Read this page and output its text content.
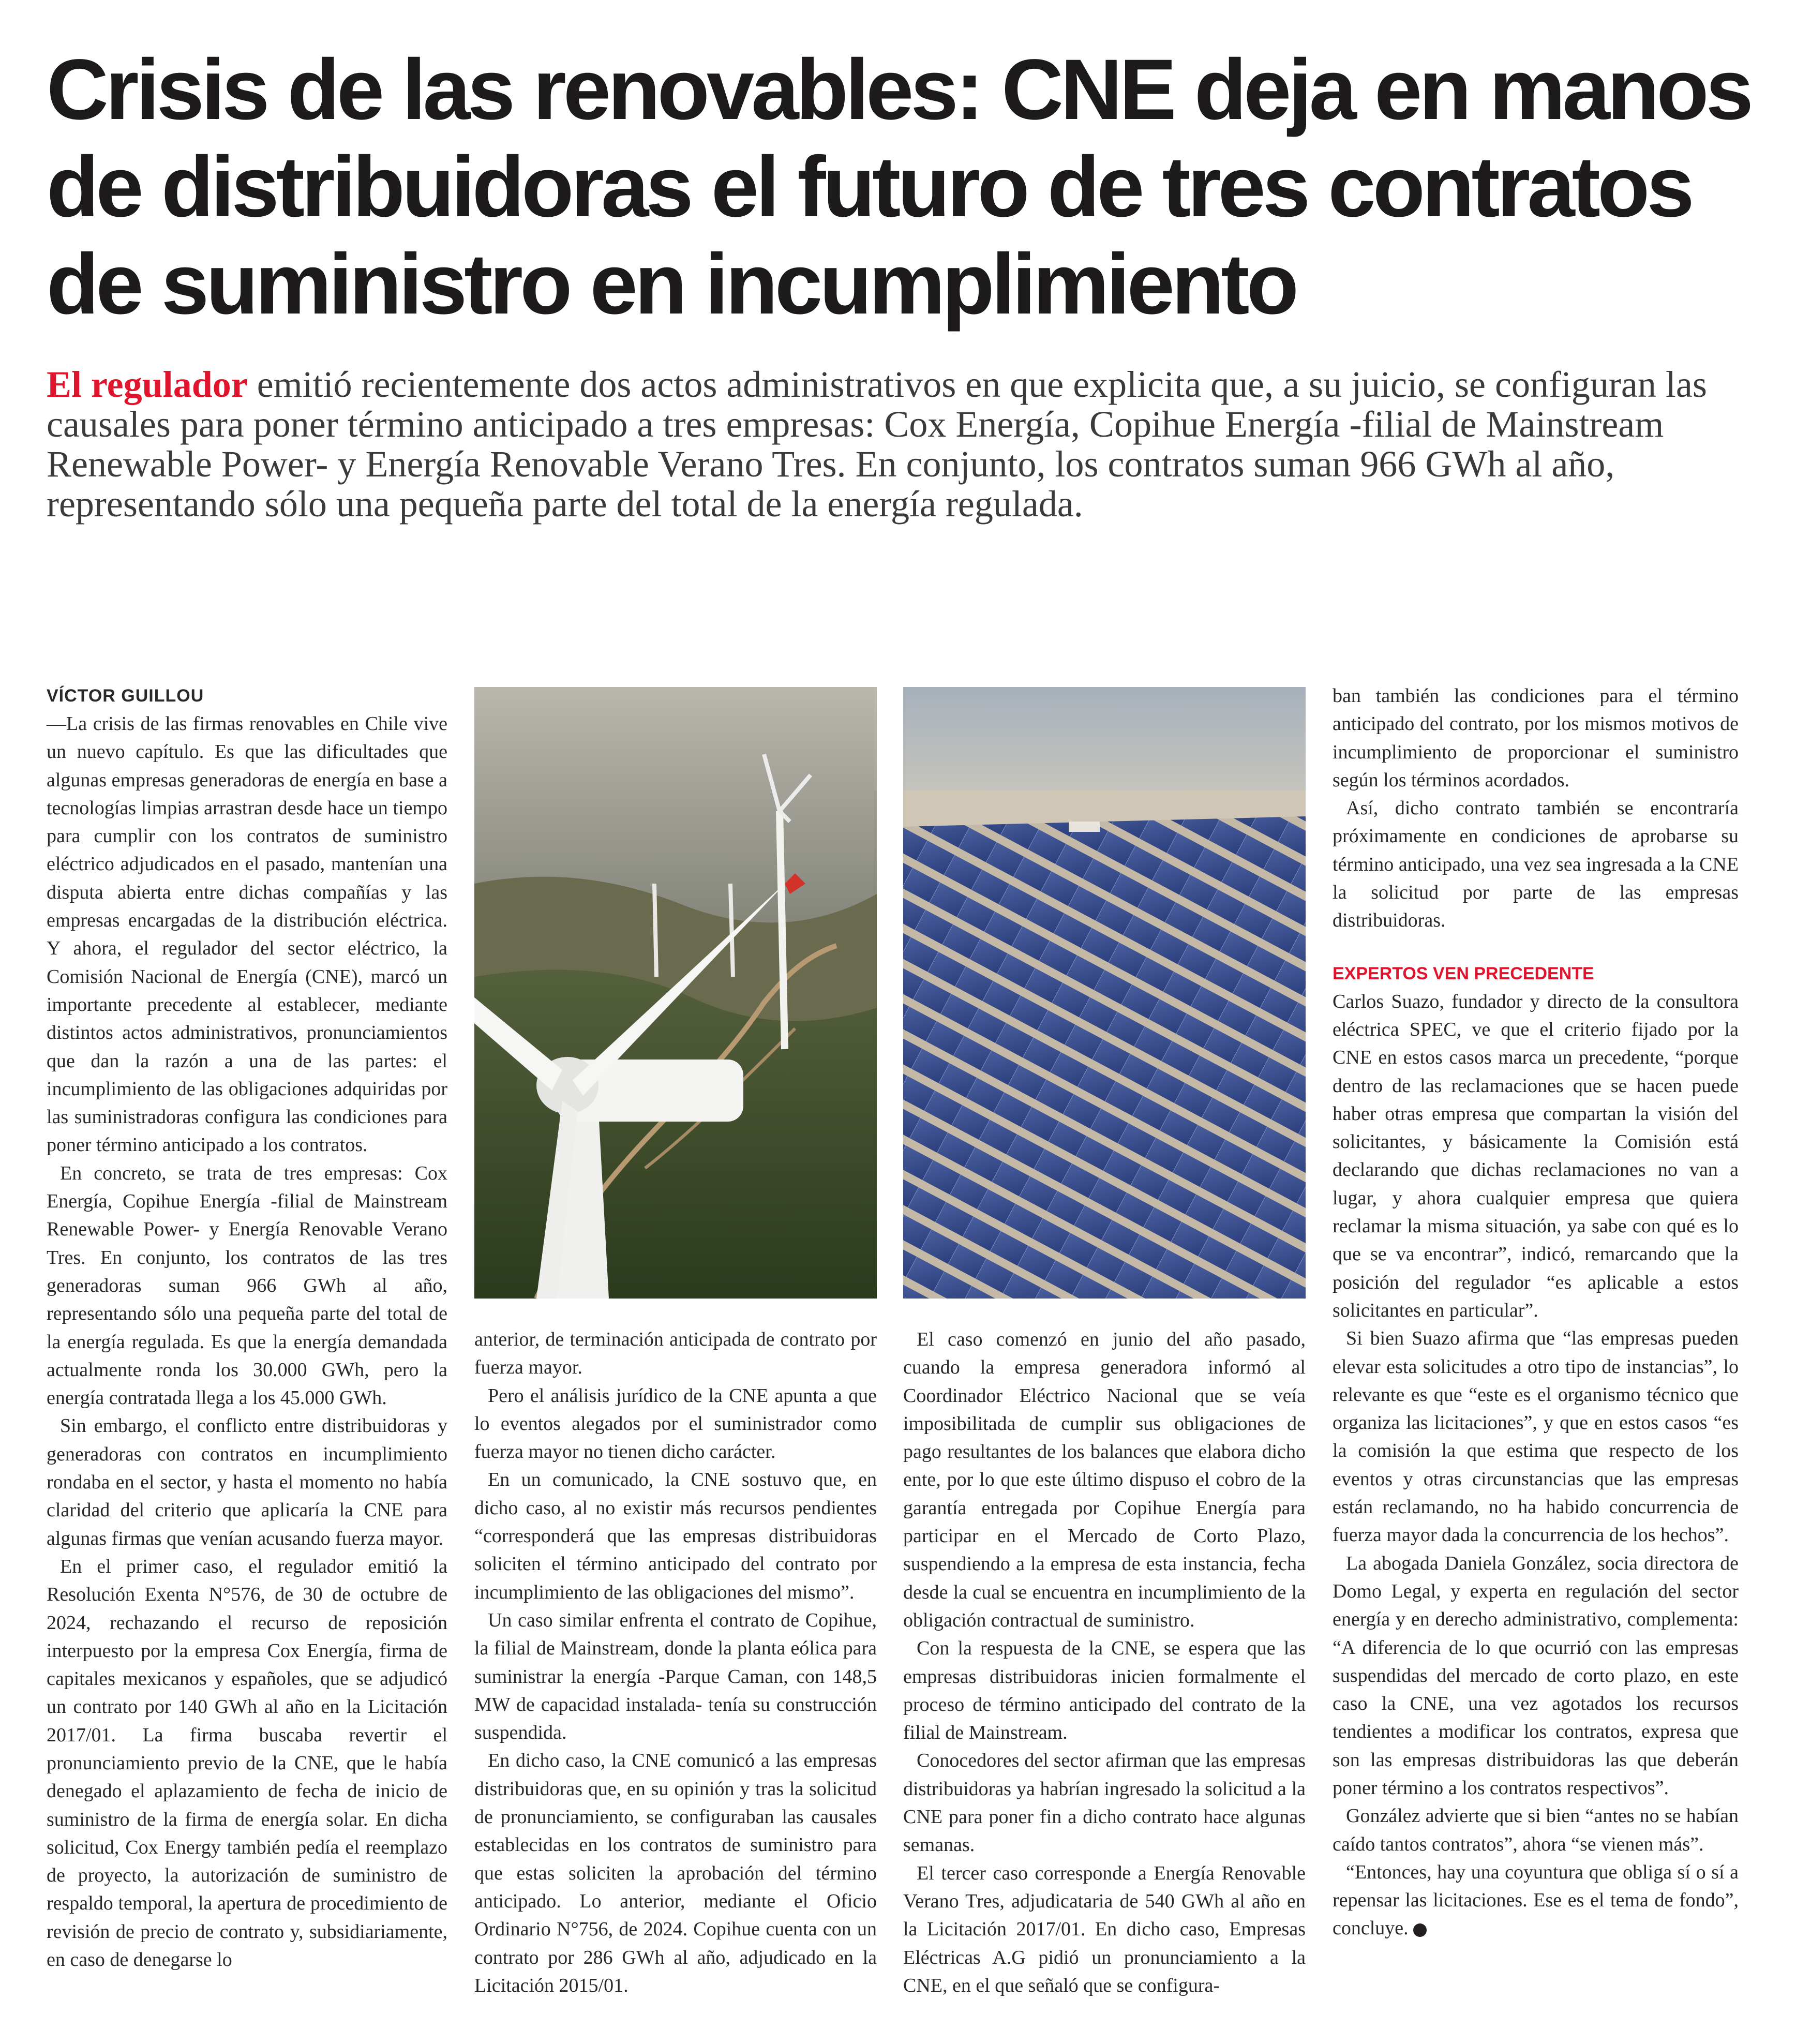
Crisis de las renovables: CNE deja en manos de distribuidoras el futuro de tres contratos de suministro en incumplimiento

El regulador emitió recientemente dos actos administrativos en que explicita que, a su juicio, se configuran las causales para poner término anticipado a tres empresas: Cox Energía, Copihue Energía -filial de Mainstream Renewable Power- y Energía Renovable Verano Tres. En conjunto, los contratos suman 966 GWh al año, representando sólo una pequeña parte del total de la energía regulada.

VÍCTOR GUILLOU

—La crisis de las firmas renovables en Chile vive un nuevo capítulo. Es que las dificultades que algunas empresas generadoras de energía en base a tecnologías limpias arrastran desde hace un tiempo para cumplir con los contratos de suministro eléctrico adjudicados en el pasado, mantenían una disputa abierta entre dichas compañías y las empresas encargadas de la distribución eléctrica. Y ahora, el regulador del sector eléctrico, la Comisión Nacional de Energía (CNE), marcó un importante precedente al establecer, mediante distintos actos administrativos, pronunciamientos que dan la razón a una de las partes: el incumplimiento de las obligaciones adquiridas por las suministradoras configura las condiciones para poner término anticipado a los contratos.

En concreto, se trata de tres empresas: Cox Energía, Copihue Energía -filial de Mainstream Renewable Power- y Energía Renovable Verano Tres. En conjunto, los contratos de las tres generadoras suman 966 GWh al año, representando sólo una pequeña parte del total de la energía regulada. Es que la energía demandada actualmente ronda los 30.000 GWh, pero la energía contratada llega a los 45.000 GWh.

Sin embargo, el conflicto entre distribuidoras y generadoras con contratos en incumplimiento rondaba en el sector, y hasta el momento no había claridad del criterio que aplicaría la CNE para algunas firmas que venían acusando fuerza mayor.

En el primer caso, el regulador emitió la Resolución Exenta N°576, de 30 de octubre de 2024, rechazando el recurso de reposición interpuesto por la empresa Cox Energía, firma de capitales mexicanos y españoles, que se adjudicó un contrato por 140 GWh al año en la Licitación 2017/01. La firma buscaba revertir el pronunciamiento previo de la CNE, que le había denegado el aplazamiento de fecha de inicio de suministro de la firma de energía solar. En dicha solicitud, Cox Energy también pedía el reemplazo de proyecto, la autorización de suministro de respaldo temporal, la apertura de procedimiento de revisión de precio de contrato y, subsidiariamente, en caso de denegarse lo

anterior, de terminación anticipada de contrato por fuerza mayor.

Pero el análisis jurídico de la CNE apunta a que lo eventos alegados por el suministrador como fuerza mayor no tienen dicho carácter.

En un comunicado, la CNE sostuvo que, en dicho caso, al no existir más recursos pendientes “corresponderá que las empresas distribuidoras soliciten el término anticipado del contrato por incumplimiento de las obligaciones del mismo”.

Un caso similar enfrenta el contrato de Copihue, la filial de Mainstream, donde la planta eólica para suministrar la energía -Parque Caman, con 148,5 MW de capacidad instalada- tenía su construcción suspendida.

En dicho caso, la CNE comunicó a las empresas distribuidoras que, en su opinión y tras la solicitud de pronunciamiento, se configuraban las causales establecidas en los contratos de suministro para que estas soliciten la aprobación del término anticipado. Lo anterior, mediante el Oficio Ordinario N°756, de 2024. Copihue cuenta con un contrato por 286 GWh al año, adjudicado en la Licitación 2015/01.

El caso comenzó en junio del año pasado, cuando la empresa generadora informó al Coordinador Eléctrico Nacional que se veía imposibilitada de cumplir sus obligaciones de pago resultantes de los balances que elabora dicho ente, por lo que este último dispuso el cobro de la garantía entregada por Copihue Energía para participar en el Mercado de Corto Plazo, suspendiendo a la empresa de esta instancia, fecha desde la cual se encuentra en incumplimiento de la obligación contractual de suministro.

Con la respuesta de la CNE, se espera que las empresas distribuidoras inicien formalmente el proceso de término anticipado del contrato de la filial de Mainstream.

Conocedores del sector afirman que las empresas distribuidoras ya habrían ingresado la solicitud a la CNE para poner fin a dicho contrato hace algunas semanas.

El tercer caso corresponde a Energía Renovable Verano Tres, adjudicataria de 540 GWh al año en la Licitación 2017/01. En dicho caso, Empresas Eléctricas A.G pidió un pronunciamiento a la CNE, en el que señaló que se configura-

ban también las condiciones para el término anticipado del contrato, por los mismos motivos de incumplimiento de proporcionar el suministro según los términos acordados.

Así, dicho contrato también se encontraría próximamente en condiciones de aprobarse su término anticipado, una vez sea ingresada a la CNE la solicitud por parte de las empresas distribuidoras.

EXPERTOS VEN PRECEDENTE

Carlos Suazo, fundador y directo de la consultora eléctrica SPEC, ve que el criterio fijado por la CNE en estos casos marca un precedente, “porque dentro de las reclamaciones que se hacen puede haber otras empresa que compartan la visión del solicitantes, y básicamente la Comisión está declarando que dichas reclamaciones no van a lugar, y ahora cualquier empresa que quiera reclamar la misma situación, ya sabe con qué es lo que se va encontrar”, indicó, remarcando que la posición del regulador “es aplicable a estos solicitantes en particular”.

Si bien Suazo afirma que “las empresas pueden elevar esta solicitudes a otro tipo de instancias”, lo relevante es que “este es el organismo técnico que organiza las licitaciones”, y que en estos casos “es la comisión la que estima que respecto de los eventos y otras circunstancias que las empresas están reclamando, no ha habido concurrencia de fuerza mayor dada la concurrencia de los hechos”.

La abogada Daniela González, socia directora de Domo Legal, y experta en regulación del sector energía y en derecho administrativo, complementa: “A diferencia de lo que ocurrió con las empresas suspendidas del mercado de corto plazo, en este caso la CNE, una vez agotados los recursos tendientes a modificar los contratos, expresa que son las empresas distribuidoras las que deberán poner término a los contratos respectivos”.

González advierte que si bien “antes no se habían caído tantos contratos”, ahora “se vienen más”.

“Entonces, hay una coyuntura que obliga sí o sí a repensar las licitaciones. Ese es el tema de fondo”, concluye.
